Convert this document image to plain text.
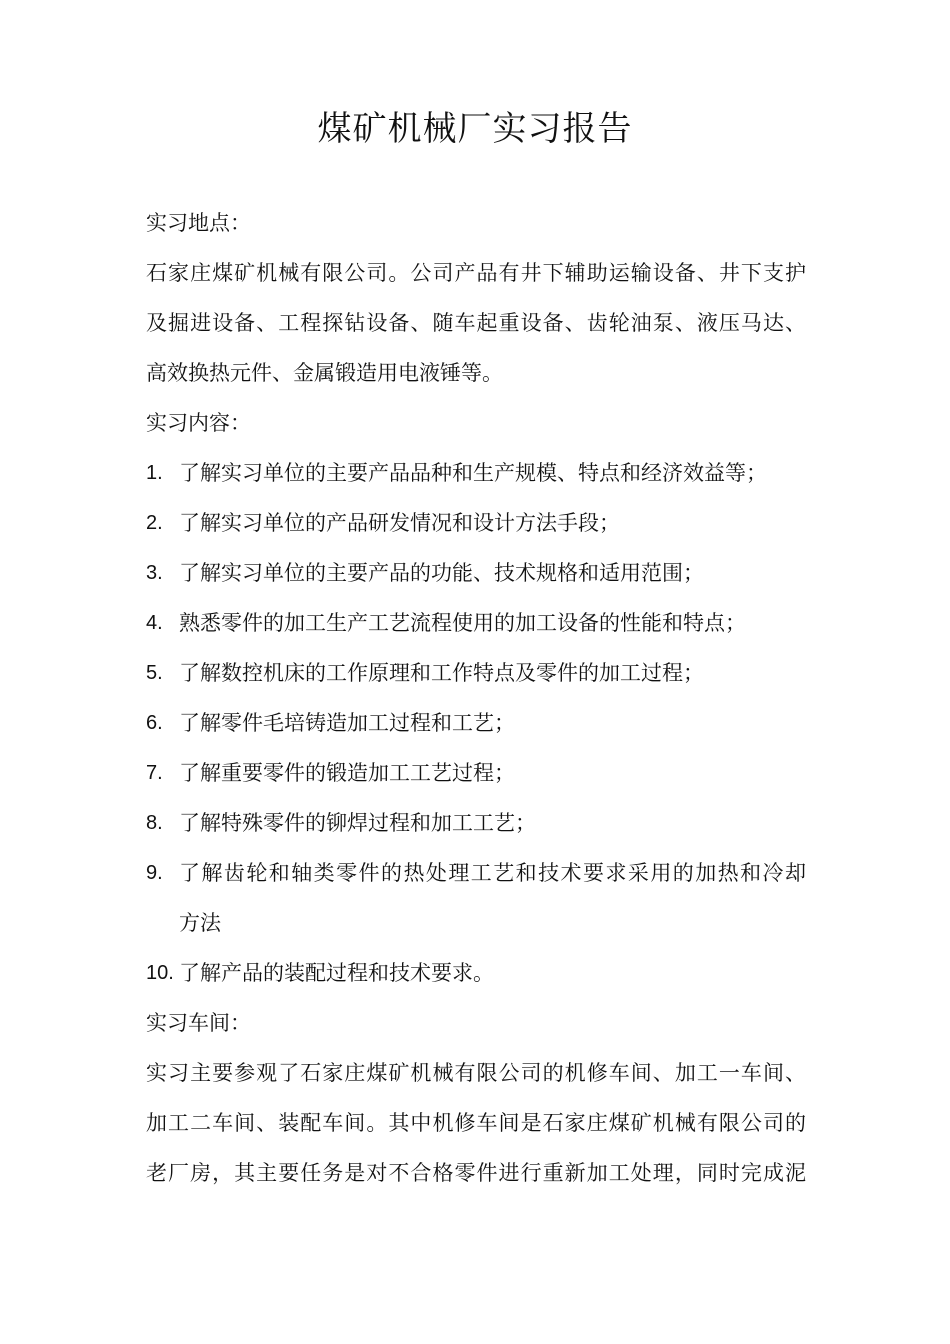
煤矿机械厂实习报告
实习地点：
石家庄煤矿机械有限公司。公司产品有井下辅助运输设备、井下支护
及掘进设备、工程探钻设备、随车起重设备、齿轮油泵、液压马达、
高效换热元件、金属锻造用电液锤等。
实习内容：
1. 了解实习单位的主要产品品种和生产规模、特点和经济效益等；
2. 了解实习单位的产品研发情况和设计方法手段；
3. 了解实习单位的主要产品的功能、技术规格和适用范围；
4. 熟悉零件的加工生产工艺流程使用的加工设备的性能和特点；
5. 了解数控机床的工作原理和工作特点及零件的加工过程；
6. 了解零件毛培铸造加工过程和工艺；
7. 了解重要零件的锻造加工工艺过程；
8. 了解特殊零件的铆焊过程和加工工艺；
9. 了解齿轮和轴类零件的热处理工艺和技术要求采用的加热和冷却
方法
10. 了解产品的装配过程和技术要求。
实习车间：
实习主要参观了石家庄煤矿机械有限公司的机修车间、加工一车间、
加工二车间、装配车间。其中机修车间是石家庄煤矿机械有限公司的
老厂房，其主要任务是对不合格零件进行重新加工处理，同时完成泥
